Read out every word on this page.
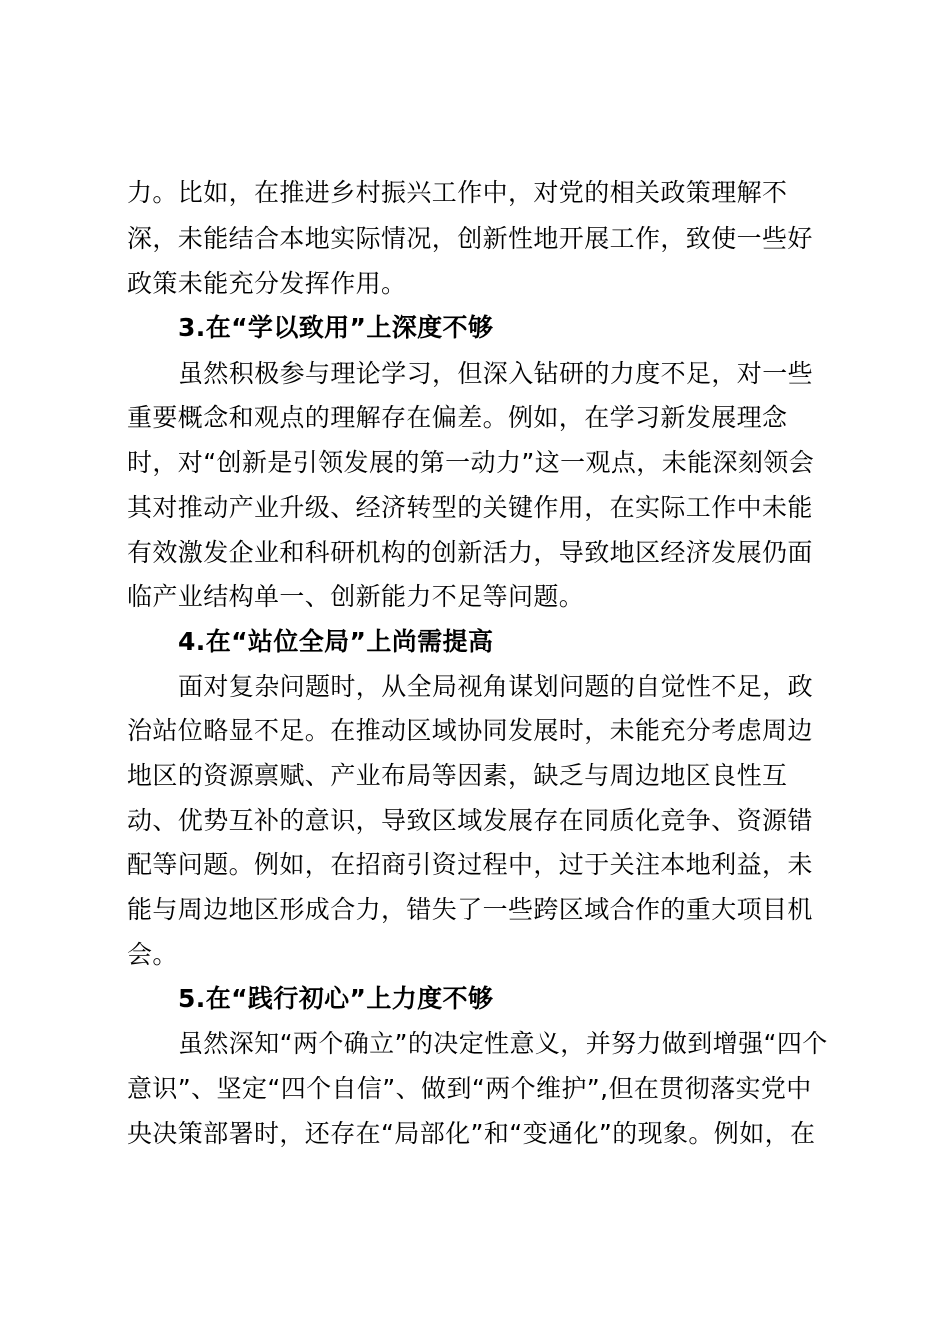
力。比如，在推进乡村振兴工作中，对党的相关政策理解不
深，未能结合本地实际情况，创新性地开展工作，致使一些好
政策未能充分发挥作用。
3.在“学以致用”上深度不够
虽然积极参与理论学习，但深入钻研的力度不足，对一些
重要概念和观点的理解存在偏差。例如，在学习新发展理念
时，对“创新是引领发展的第一动力”这一观点，未能深刻领会
其对推动产业升级、经济转型的关键作用，在实际工作中未能
有效激发企业和科研机构的创新活力，导致地区经济发展仍面
临产业结构单一、创新能力不足等问题。
4.在“站位全局”上尚需提高
面对复杂问题时，从全局视角谋划问题的自觉性不足，政
治站位略显不足。在推动区域协同发展时，未能充分考虑周边
地区的资源禀赋、产业布局等因素，缺乏与周边地区良性互
动、优势互补的意识，导致区域发展存在同质化竞争、资源错
配等问题。例如，在招商引资过程中，过于关注本地利益，未
能与周边地区形成合力，错失了一些跨区域合作的重大项目机
会。
5.在“践行初心”上力度不够
虽然深知“两个确立”的决定性意义，并努力做到增强“四个
意识”、坚定“四个自信”、做到“两个维护”,但在贯彻落实党中
央决策部署时，还存在“局部化”和“变通化”的现象。例如，在
